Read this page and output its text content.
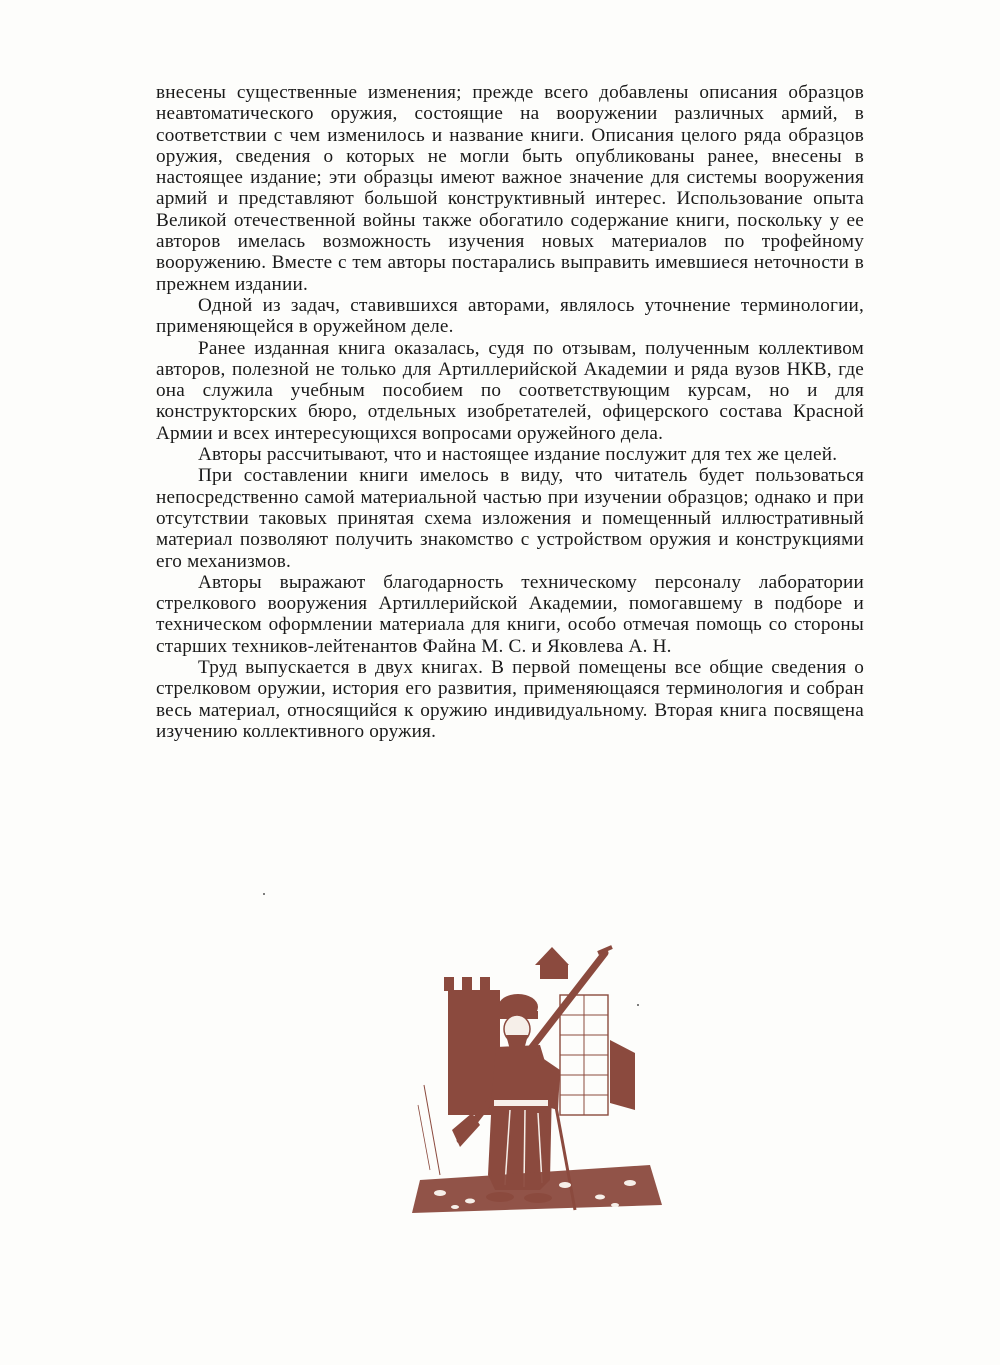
внесены существенные изменения; прежде всего добавлены описания образцов неавтоматического оружия, состоящие на вооружении различных армий, в соответствии с чем изменилось и название книги. Описания целого ряда образцов оружия, сведения о которых не могли быть опубликованы ранее, внесены в настоящее издание; эти образцы имеют важное значение для системы вооружения армий и представляют большой конструктивный интерес. Использование опыта Великой отечественной войны также обогатило содержание книги, поскольку у ее авторов имелась возможность изучения новых материалов по трофейному вооружению. Вместе с тем авторы постарались выправить имевшиеся неточности в прежнем издании.

Одной из задач, ставившихся авторами, являлось уточнение терминологии, применяющейся в оружейном деле.

Ранее изданная книга оказалась, судя по отзывам, полученным коллективом авторов, полезной не только для Артиллерийской Академии и ряда вузов НКВ, где она служила учебным пособием по соответствующим курсам, но и для конструкторских бюро, отдельных изобретателей, офицерского состава Красной Армии и всех интересующихся вопросами оружейного дела.

Авторы рассчитывают, что и настоящее издание послужит для тех же целей.

При составлении книги имелось в виду, что читатель будет пользоваться непосредственно самой материальной частью при изучении образцов; однако и при отсутствии таковых принятая схема изложения и помещенный иллюстративный материал позволяют получить знакомство с устройством оружия и конструкциями его механизмов.

Авторы выражают благодарность техническому персоналу лаборатории стрелкового вооружения Артиллерийской Академии, помогавшему в подборе и техническом оформлении материала для книги, особо отмечая помощь со стороны старших техников-лейтенантов Файна М. С. и Яковлева А. Н.

Труд выпускается в двух книгах. В первой помещены все общие сведения о стрелковом оружии, история его развития, применяющаяся терминология и собран весь материал, относящийся к оружию индивидуальному. Вторая книга посвящена изучению коллективного оружия.
